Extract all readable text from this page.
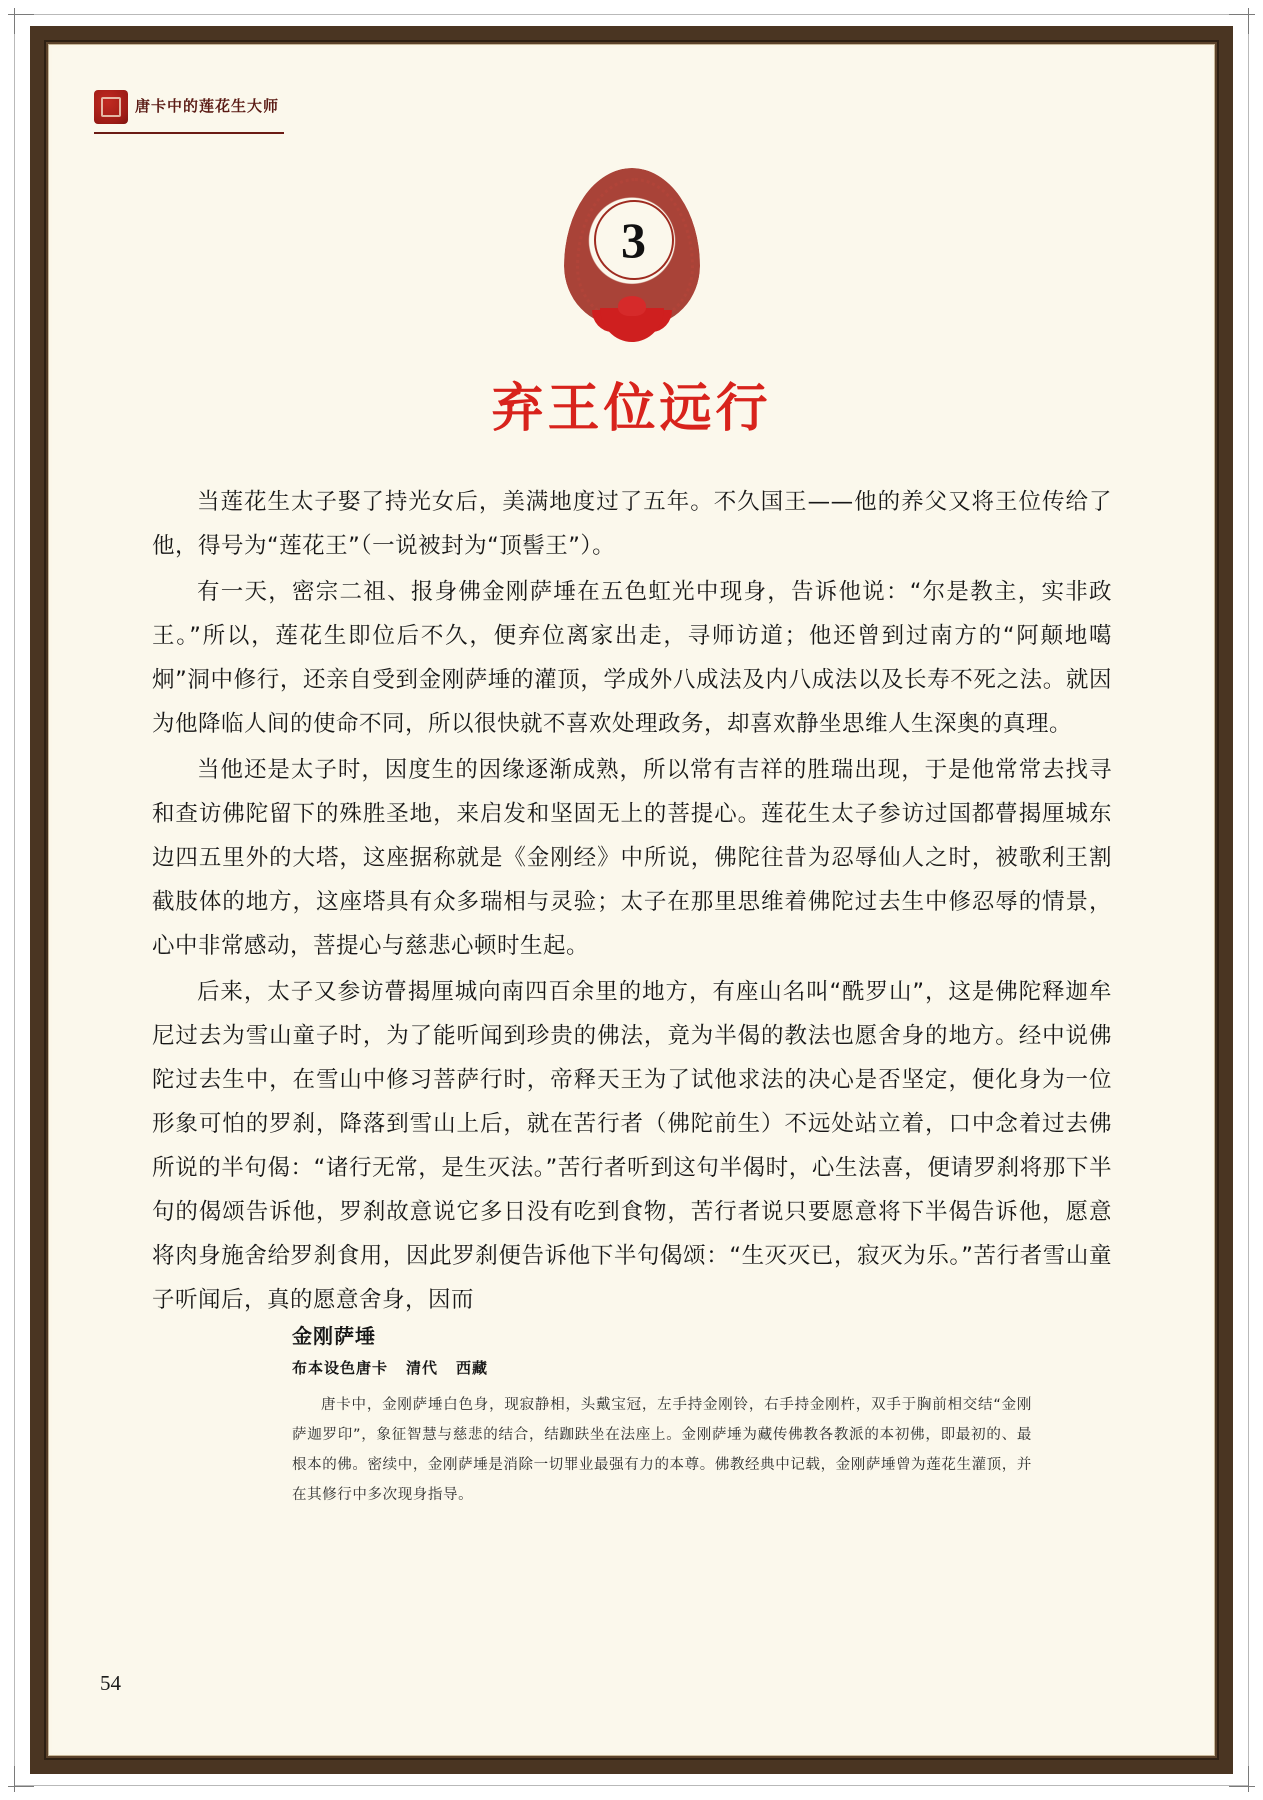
唐卡中的莲花生大师
3
弃王位远行

当莲花生太子娶了持光女后，美满地度过了五年。不久国王——他的养父又将王位传给了他，得号为“莲花王”（一说被封为“顶髻王”）。

有一天，密宗二祖、报身佛金刚萨埵在五色虹光中现身，告诉他说：“尔是教主，实非政王。”所以，莲花生即位后不久，便弃位离家出走，寻师访道；他还曾到过南方的“阿颠地噶炯”洞中修行，还亲自受到金刚萨埵的灌顶，学成外八成法及内八成法以及长寿不死之法。就因为他降临人间的使命不同，所以很快就不喜欢处理政务，却喜欢静坐思维人生深奥的真理。

当他还是太子时，因度生的因缘逐渐成熟，所以常有吉祥的胜瑞出现，于是他常常去找寻和查访佛陀留下的殊胜圣地，来启发和坚固无上的菩提心。莲花生太子参访过国都瞢揭厘城东边四五里外的大塔，这座据称就是《金刚经》中所说，佛陀往昔为忍辱仙人之时，被歌利王割截肢体的地方，这座塔具有众多瑞相与灵验；太子在那里思维着佛陀过去生中修忍辱的情景，心中非常感动，菩提心与慈悲心顿时生起。

后来，太子又参访瞢揭厘城向南四百余里的地方，有座山名叫“酰罗山”，这是佛陀释迦牟尼过去为雪山童子时，为了能听闻到珍贵的佛法，竟为半偈的教法也愿舍身的地方。经中说佛陀过去生中，在雪山中修习菩萨行时，帝释天王为了试他求法的决心是否坚定，便化身为一位形象可怕的罗刹，降落到雪山上后，就在苦行者（佛陀前生）不远处站立着，口中念着过去佛所说的半句偈：“诸行无常，是生灭法。”苦行者听到这句半偈时，心生法喜，便请罗刹将那下半句的偈颂告诉他，罗刹故意说它多日没有吃到食物，苦行者说只要愿意将下半偈告诉他，愿意将肉身施舍给罗刹食用，因此罗刹便告诉他下半句偈颂：“生灭灭已，寂灭为乐。”苦行者雪山童子听闻后，真的愿意舍身，因而

金刚萨埵
布本设色唐卡 清代 西藏
唐卡中，金刚萨埵白色身，现寂静相，头戴宝冠，左手持金刚铃，右手持金刚杵，双手于胸前相交结“金刚萨迦罗印”，象征智慧与慈悲的结合，结跏趺坐在法座上。金刚萨埵为藏传佛教各教派的本初佛，即最初的、最根本的佛。密续中，金刚萨埵是消除一切罪业最强有力的本尊。佛教经典中记载，金刚萨埵曾为莲花生灌顶，并在其修行中多次现身指导。
54
